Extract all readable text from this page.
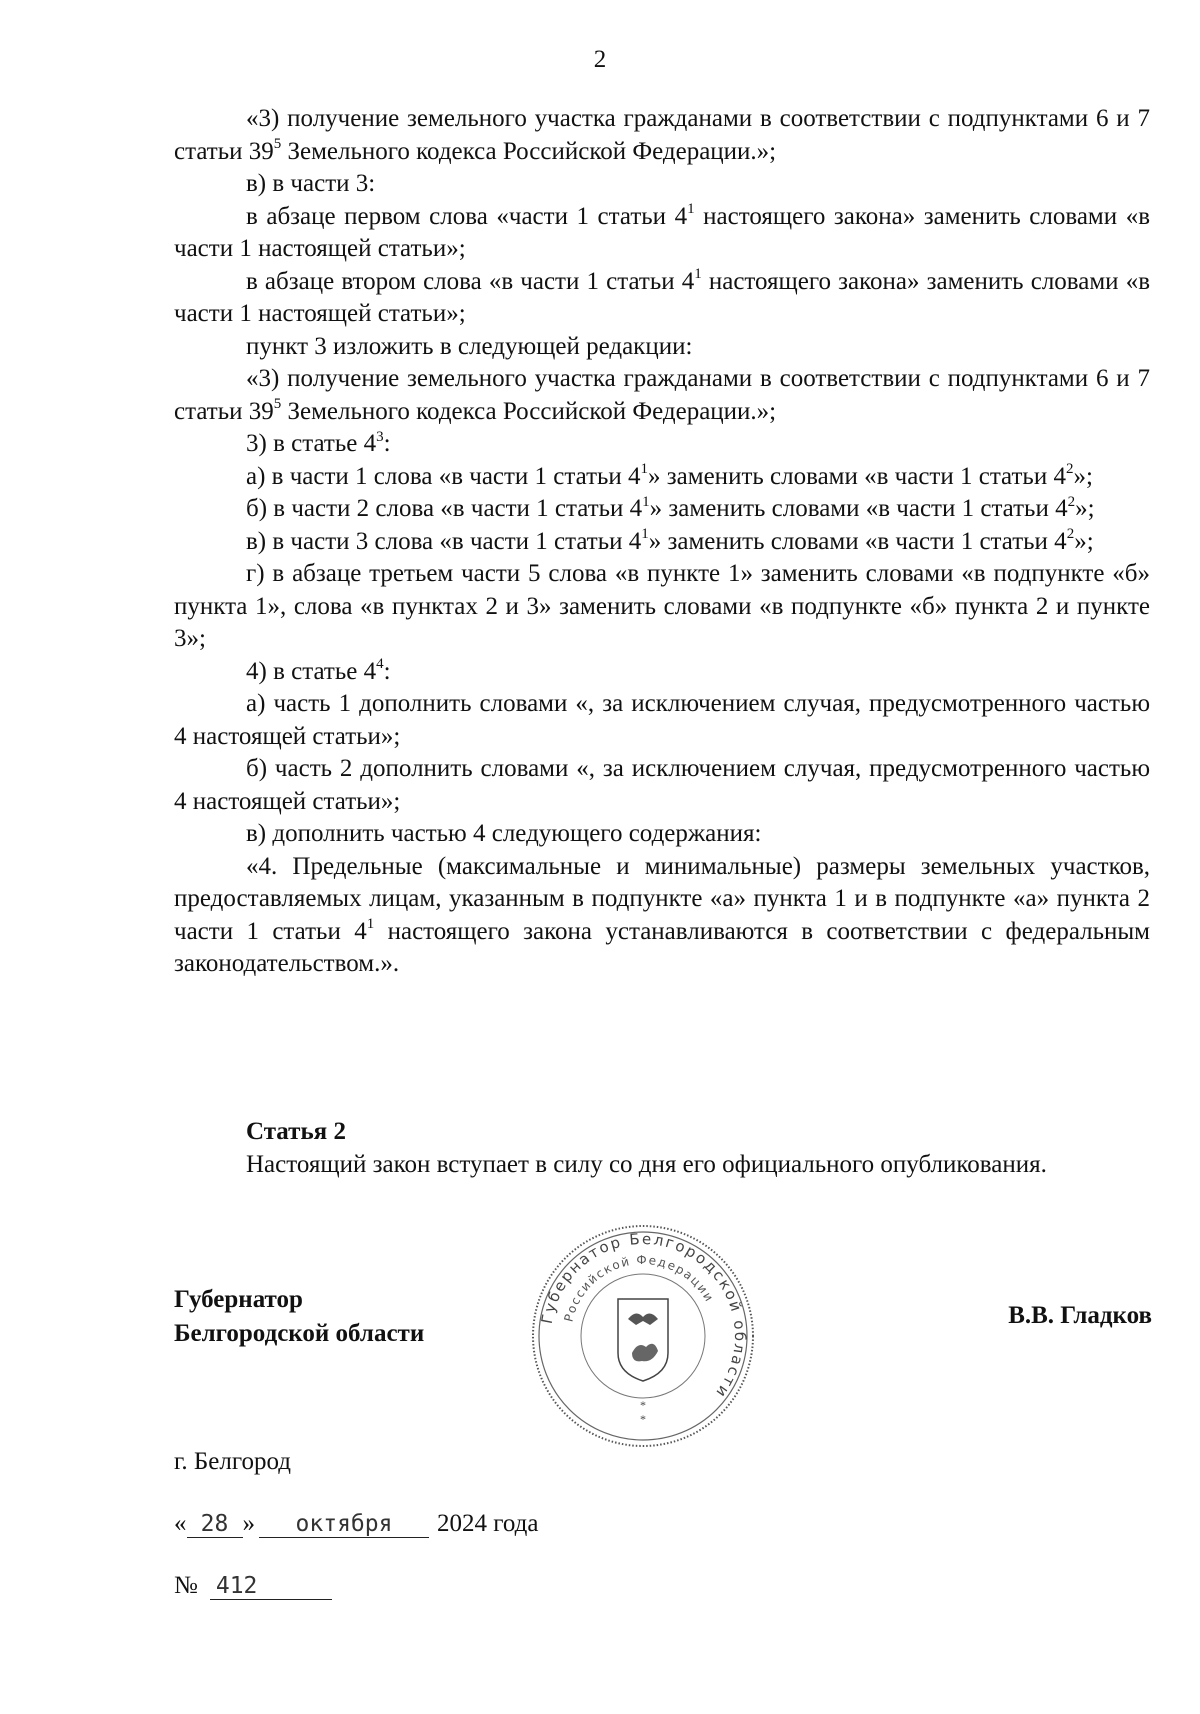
2

«3) получение земельного участка гражданами в соответствии с подпунктами 6 и 7 статьи $39^5$ Земельного кодекса Российской Федерации.»;

в) в части 3:

в абзаце первом слова «части 1 статьи $4^1$ настоящего закона» заменить словами «в части 1 настоящей статьи»;

в абзаце втором слова «в части 1 статьи $4^1$ настоящего закона» заменить словами «в части 1 настоящей статьи»;

пункт 3 изложить в следующей редакции:

«3) получение земельного участка гражданами в соответствии с подпунктами 6 и 7 статьи $39^5$ Земельного кодекса Российской Федерации.»;

3) в статье $4^3$:

а) в части 1 слова «в части 1 статьи $4^1$» заменить словами «в части 1 статьи $4^2$»;

б) в части 2 слова «в части 1 статьи $4^1$» заменить словами «в части 1 статьи $4^2$»;

в) в части 3 слова «в части 1 статьи $4^1$» заменить словами «в части 1 статьи $4^2$»;

г) в абзаце третьем части 5 слова «в пункте 1» заменить словами «в подпункте «б» пункта 1», слова «в пунктах 2 и 3» заменить словами «в подпункте «б» пункта 2 и пункте 3»;

4) в статье $4^4$:

а) часть 1 дополнить словами «, за исключением случая, предусмотренного частью 4 настоящей статьи»;

б) часть 2 дополнить словами «, за исключением случая, предусмотренного частью 4 настоящей статьи»;

в) дополнить частью 4 следующего содержания:

«4. Предельные (максимальные и минимальные) размеры земельных участков, предоставляемых лицам, указанным в подпункте «а» пункта 1 и в подпункте «а» пункта 2 части 1 статьи $4^1$ настоящего закона устанавливаются в соответствии с федеральным законодательством.».

Статья 2

Настоящий закон вступает в силу со дня его официального опубликования.

Губернатор
Белгородской области
Губернатор Белгородской области
Российской Федерации
*
*
В.В. Гладков
г. Белгород
« 28 » октября 2024 года
№ 412
